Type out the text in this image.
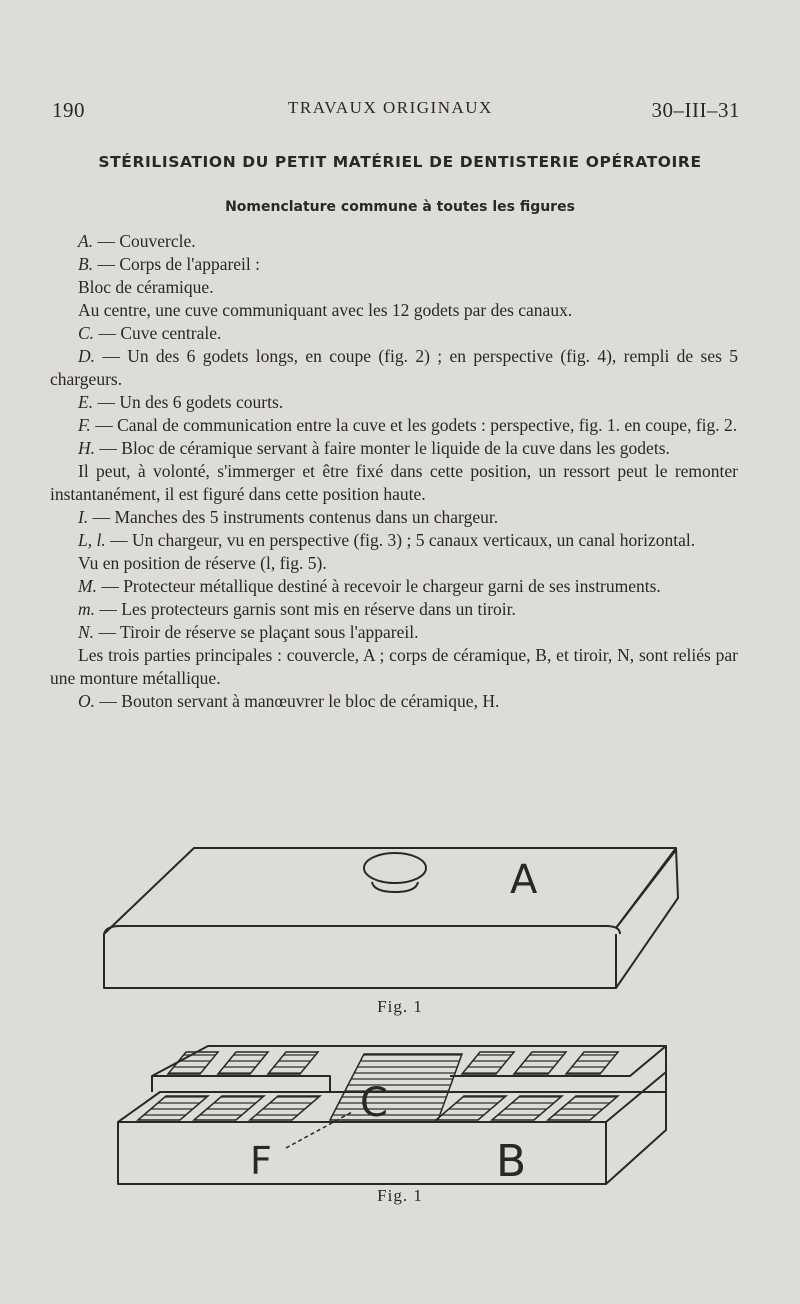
190	TRAVAUX ORIGINAUX	30–III–31
STÉRILISATION DU PETIT MATÉRIEL DE DENTISTERIE OPÉRATOIRE
Nomenclature commune à toutes les figures

A. — Couvercle.

B. — Corps de l'appareil :

Bloc de céramique.

Au centre, une cuve communiquant avec les 12 godets par des canaux.

C. — Cuve centrale.

D. — Un des 6 godets longs, en coupe (fig. 2) ; en perspective (fig. 4), rempli de ses 5 chargeurs.

E. — Un des 6 godets courts.

F. — Canal de communication entre la cuve et les godets : perspective, fig. 1. en coupe, fig. 2.

H. — Bloc de céramique servant à faire monter le liquide de la cuve dans les godets.

Il peut, à volonté, s'immerger et être fixé dans cette position, un ressort peut le remonter instantanément, il est figuré dans cette position haute.

I. — Manches des 5 instruments contenus dans un chargeur.

L, l. — Un chargeur, vu en perspective (fig. 3) ; 5 canaux verticaux, un canal horizontal.

Vu en position de réserve (l, fig. 5).

M. — Protecteur métallique destiné à recevoir le chargeur garni de ses instruments.

m. — Les protecteurs garnis sont mis en réserve dans un tiroir.

N. — Tiroir de réserve se plaçant sous l'appareil.

Les trois parties principales : couvercle, A ; corps de céramique, B, et tiroir, N, sont reliés par une monture métallique.

O. — Bouton servant à manœuvrer le bloc de céramique, H.

A
Fig. 1
C
F	B
Fig. 1
